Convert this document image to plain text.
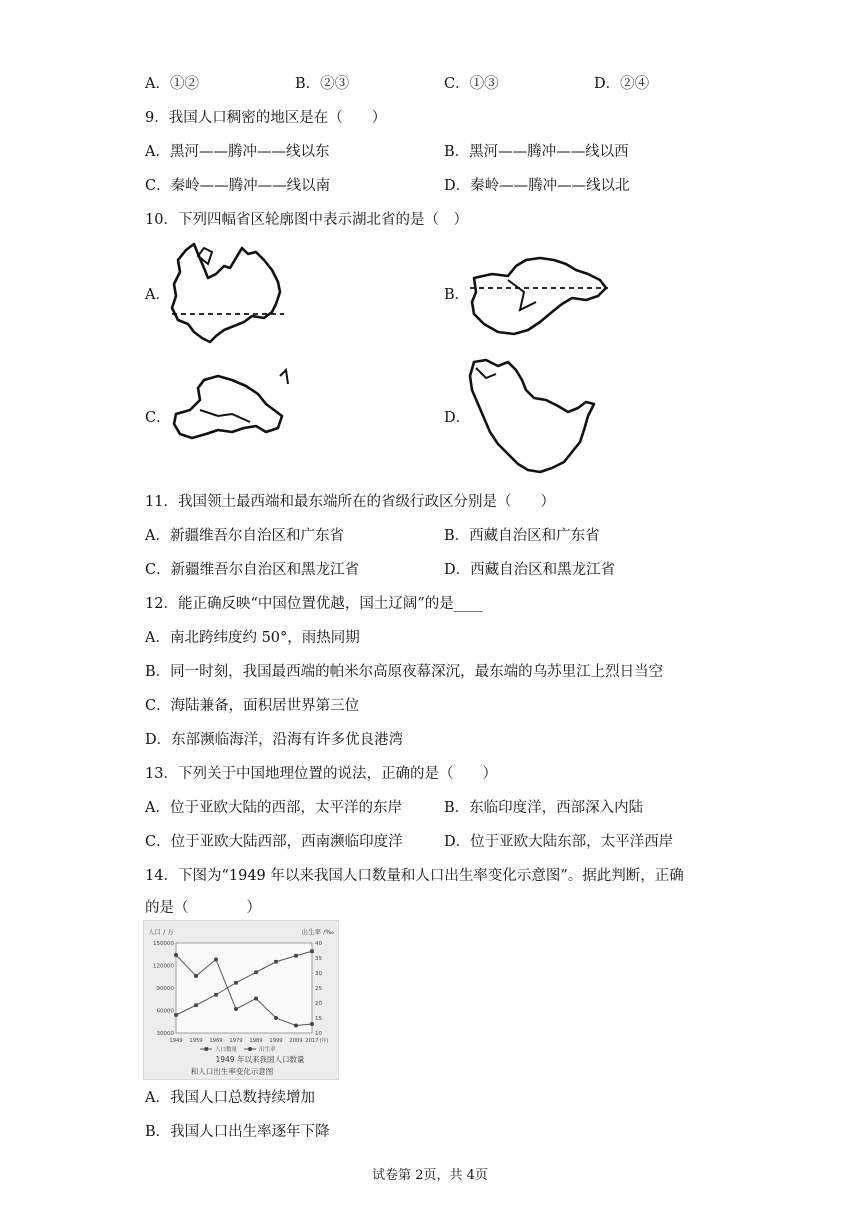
A．①②	B．②③	C．①③	D．②④
9．我国人口稠密的地区是在（　　）
A．黑河——腾冲——线以东	B．黑河——腾冲——线以西
C．秦岭——腾冲——线以南	D．秦岭——腾冲——线以北
10．下列四幅省区轮廓图中表示湖北省的是（　）
A．	B．
C．	D．
11．我国领土最西端和最东端所在的省级行政区分别是（　　）
A．新疆维吾尔自治区和广东省	B．西藏自治区和广东省
C．新疆维吾尔自治区和黑龙江省	D．西藏自治区和黑龙江省
12．能正确反映“中国位置优越，国土辽阔”的是____
A．南北跨纬度约 50°，雨热同期
B．同一时刻，我国最西端的帕米尔高原夜幕深沉，最东端的乌苏里江上烈日当空
C．海陆兼备，面积居世界第三位
D．东部濒临海洋，沿海有许多优良港湾
13．下列关于中国地理位置的说法，正确的是（　　）
A．位于亚欧大陆的西部，太平洋的东岸	B．东临印度洋，西部深入内陆
C．位于亚欧大陆西部，西南濒临印度洋	D．位于亚欧大陆东部，太平洋西岸
14．下图为“1949 年以来我国人口数量和人口出生率变化示意图”。据此判断，正确
的是（　　　　）
人口 / 万	出生率 /‰
150000
120000
90000
60000
30000
40
35
30
25
20
15
10
1949 1959 1969 1979 1989 1999 2009 2017 (年)
人口数量	出生率
1949 年以来我国人口数量
和人口出生率变化示意图
A．我国人口总数持续增加
B．我国人口出生率逐年下降
试卷第 2页，共 4页
